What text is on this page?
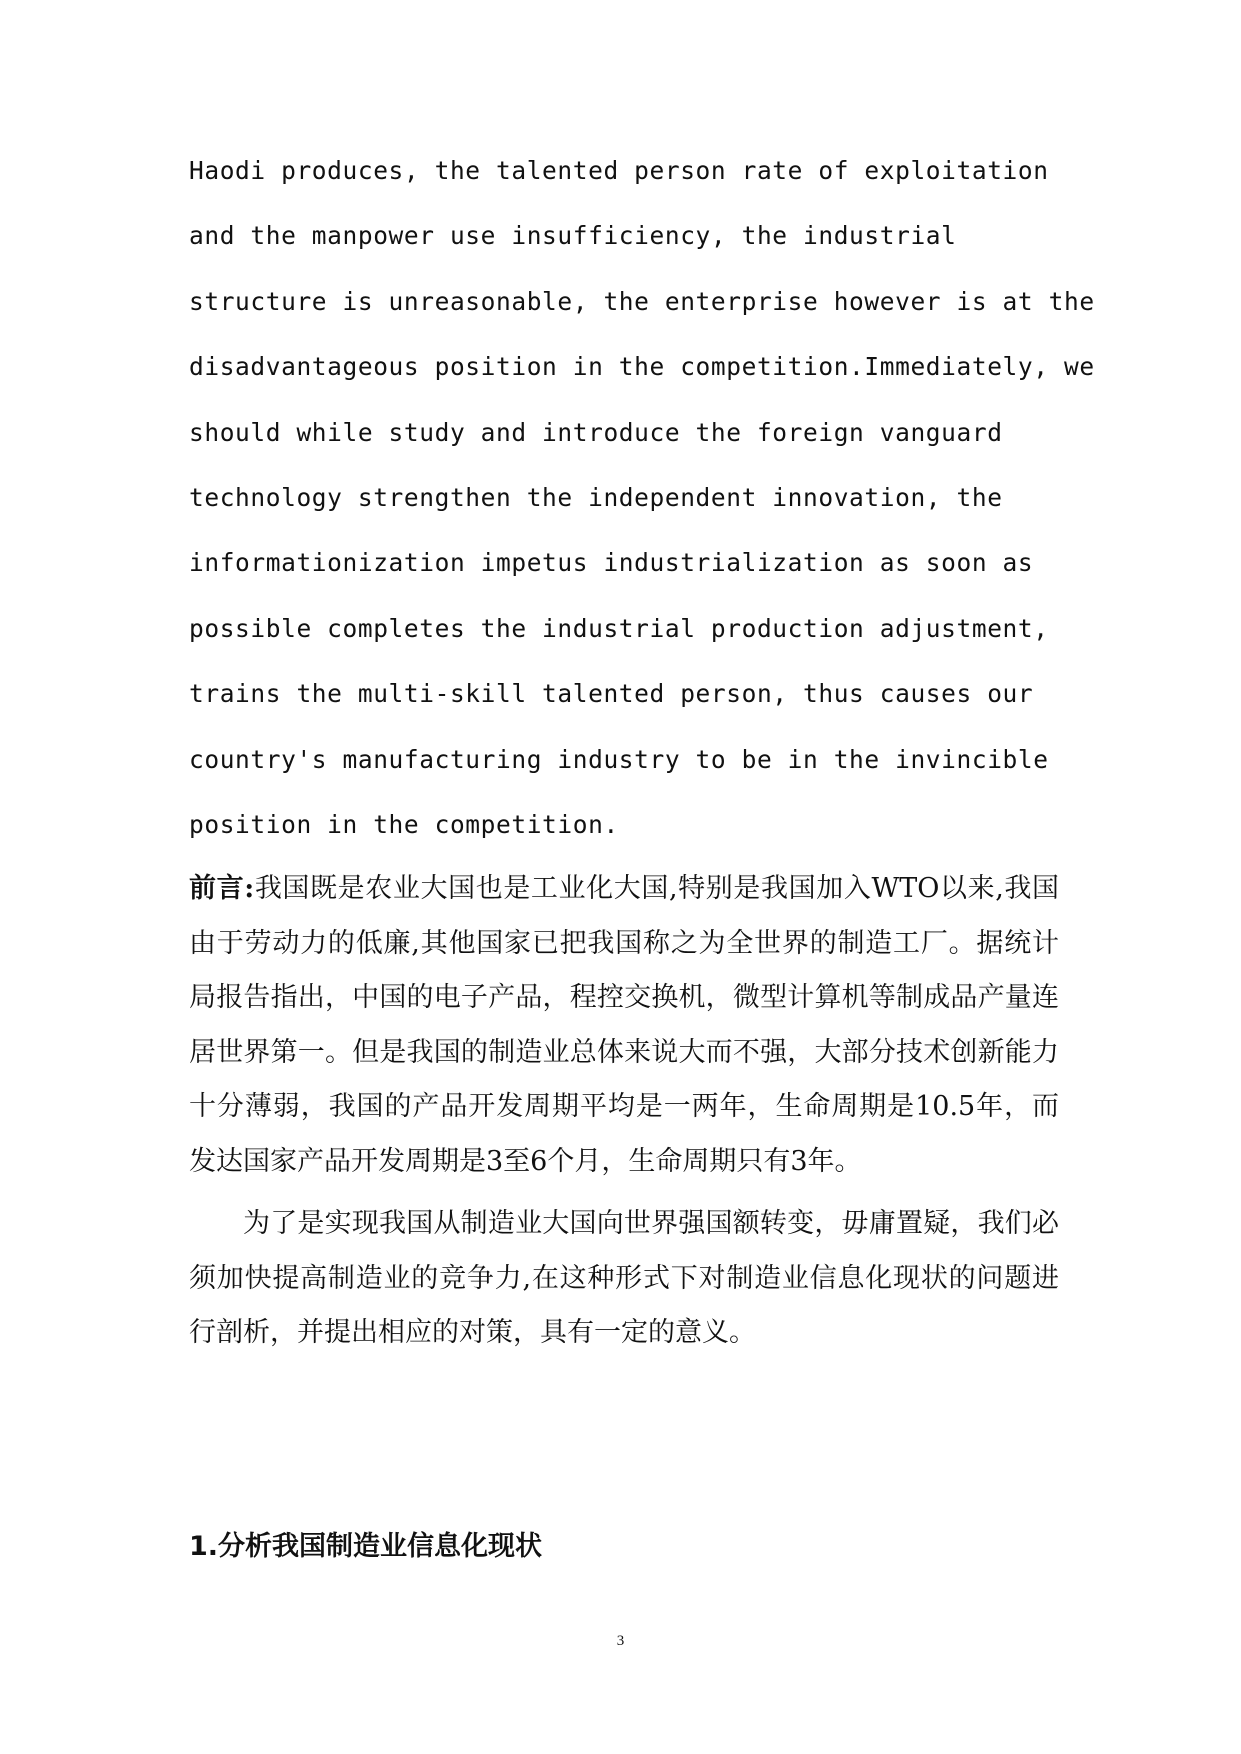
Haodi produces, the talented person rate of exploitation

and the manpower use insufficiency, the industrial

structure is unreasonable, the enterprise however is at the

disadvantageous position in the competition.Immediately, we

should while study and introduce the foreign vanguard

technology strengthen the independent innovation, the

informationization impetus industrialization as soon as

possible completes the industrial production adjustment,

trains the multi-skill talented person, thus causes our

country's manufacturing industry to be in the invincible

position in the competition.

前言:我国既是农业大国也是工业化大国,特别是我国加入WTO以来,我国由于劳动力的低廉,其他国家已把我国称之为全世界的制造工厂。据统计局报告指出，中国的电子产品，程控交换机，微型计算机等制成品产量连居世界第一。但是我国的制造业总体来说大而不强，大部分技术创新能力十分薄弱，我国的产品开发周期平均是一两年，生命周期是10.5年，而发达国家产品开发周期是3至6个月，生命周期只有3年。

为了是实现我国从制造业大国向世界强国额转变，毋庸置疑，我们必须加快提高制造业的竞争力,在这种形式下对制造业信息化现状的问题进行剖析，并提出相应的对策，具有一定的意义。

1.分析我国制造业信息化现状

3
